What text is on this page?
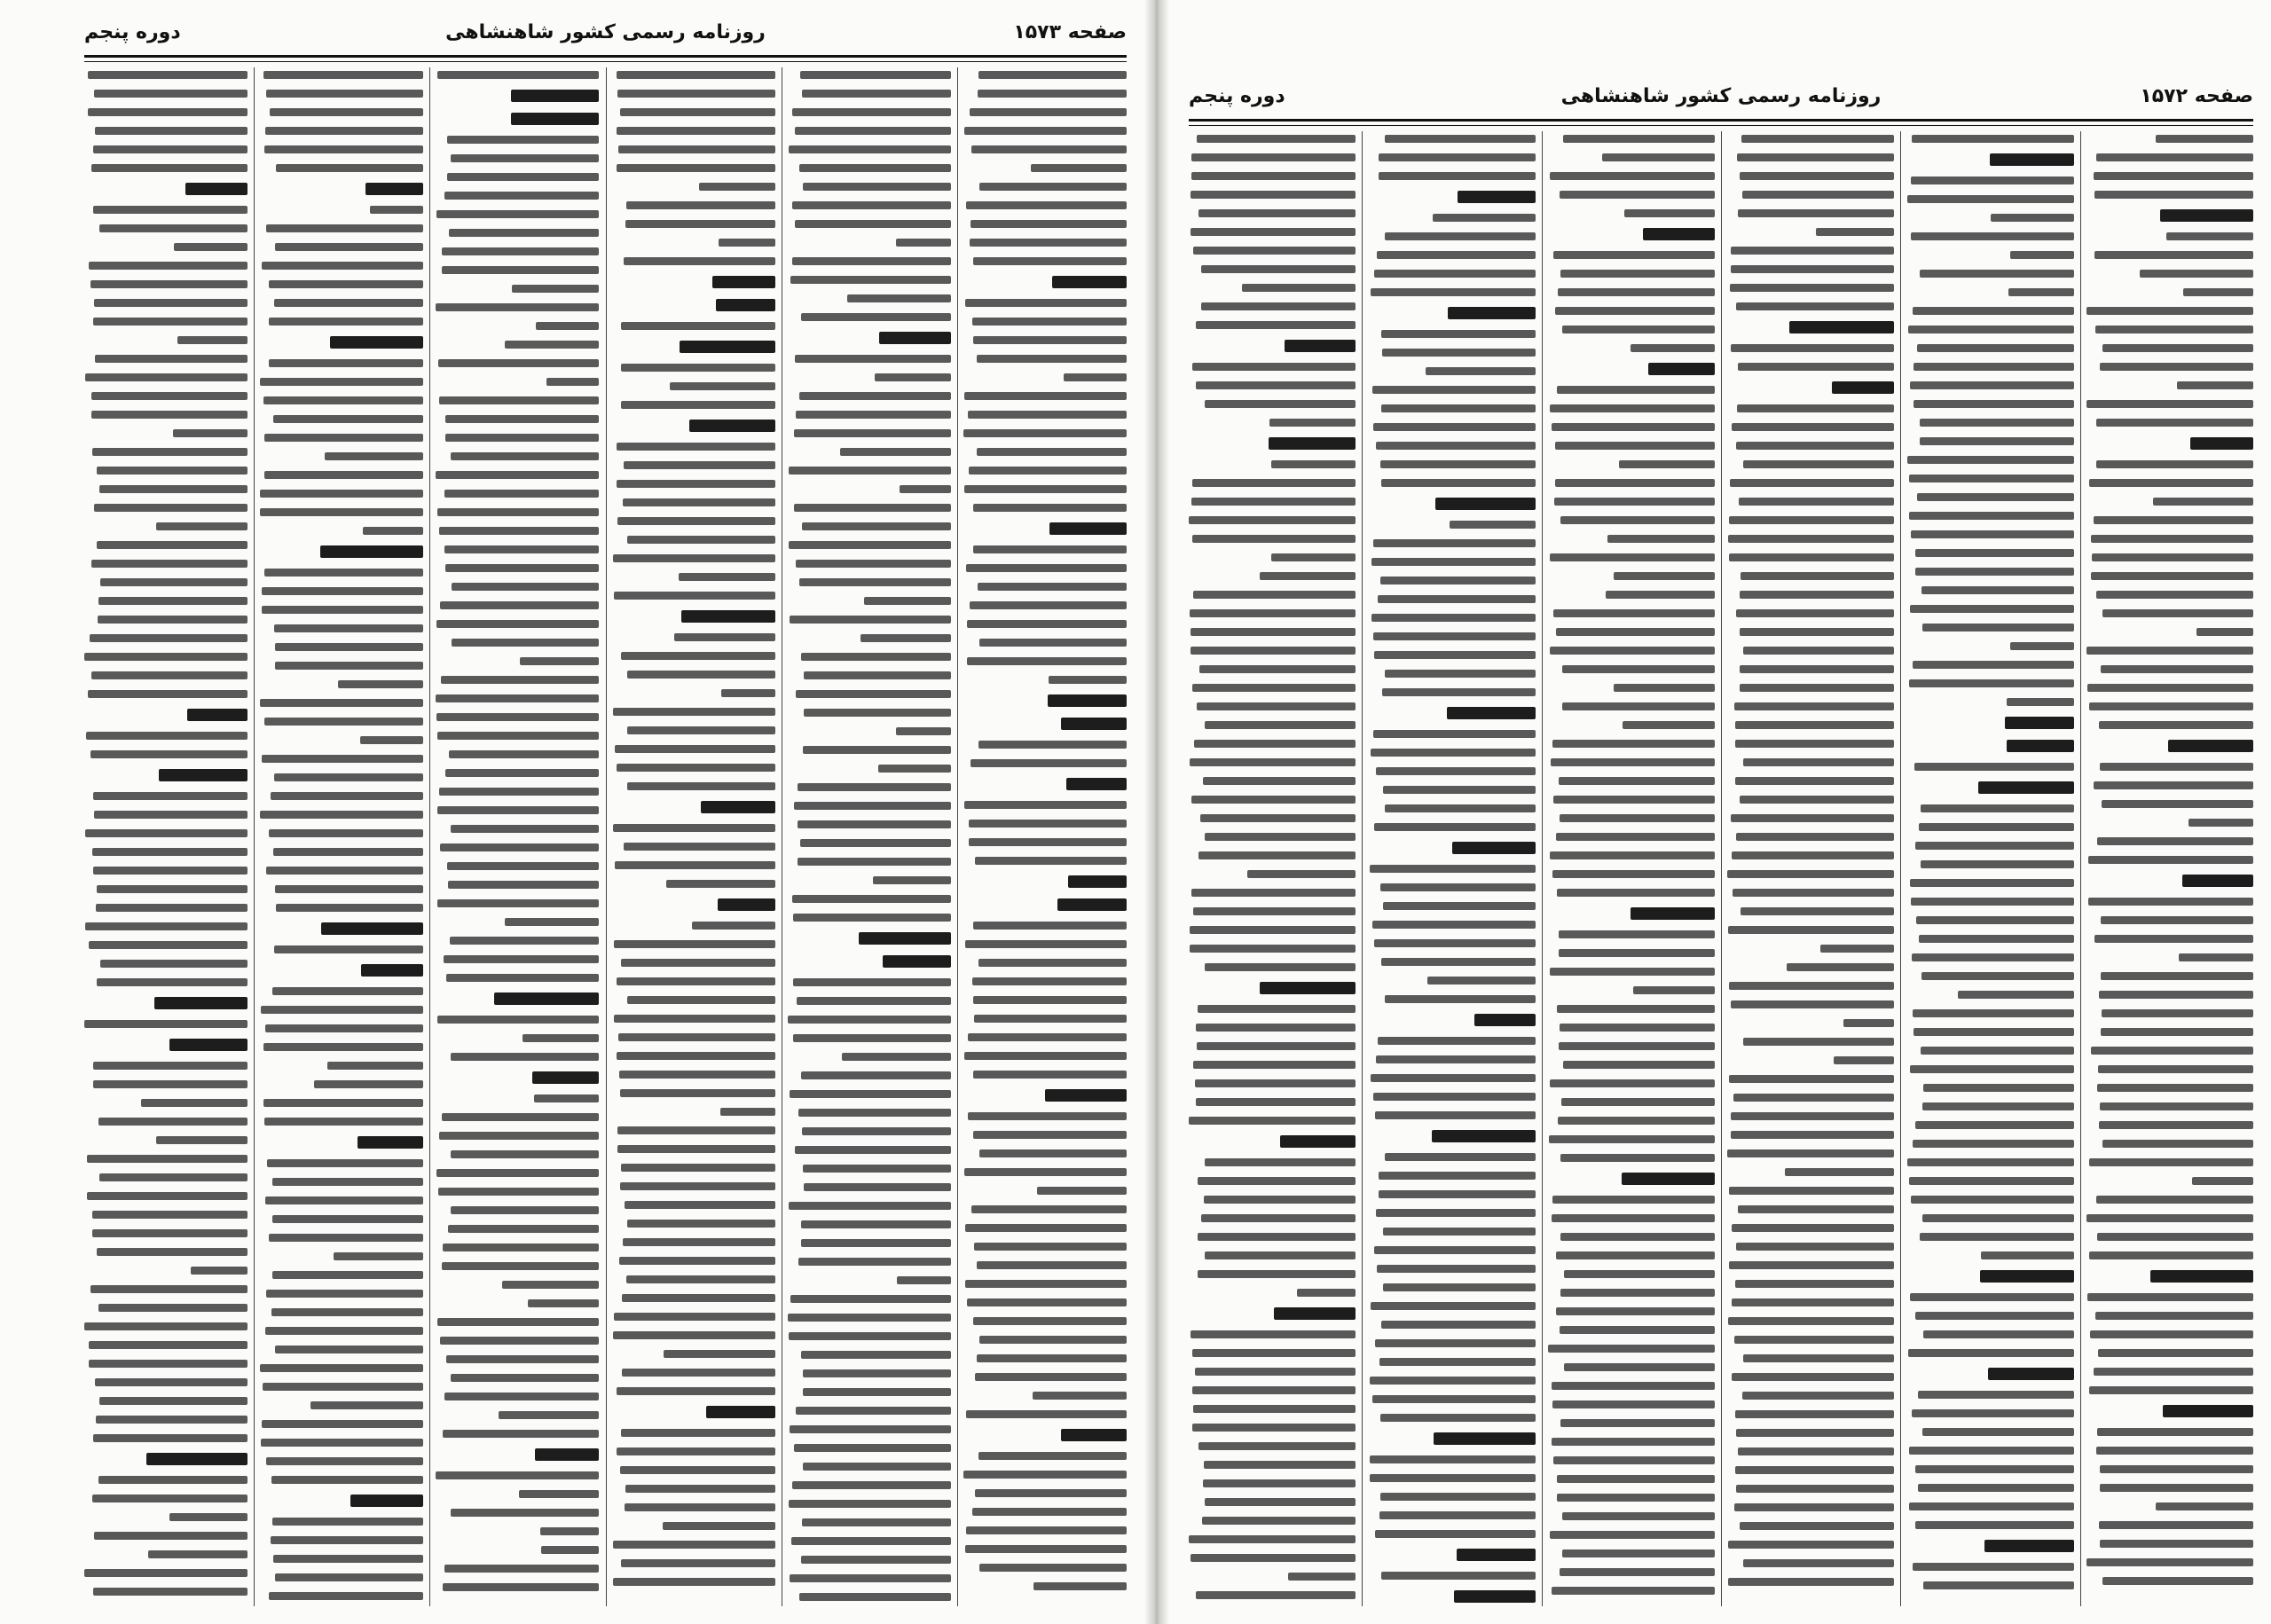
صفحه ۱۵۷۳
روزنامه رسمی کشور شاهنشاهی
دوره پنجم
صفحه ۱۵۷۲
روزنامه رسمی کشور شاهنشاهی
دوره پنجم
